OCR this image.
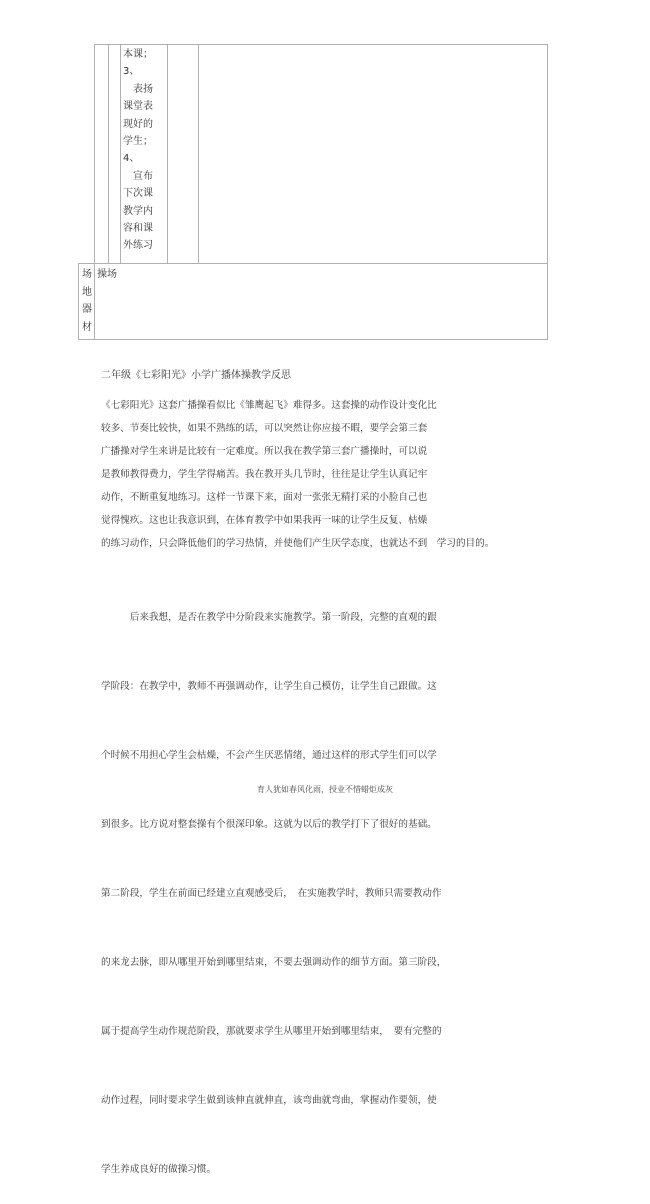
本课；
3、
　表扬
课堂表
现好的
学生；
4、
　宣布
下次课
教学内
容和课
外练习
场
地
器
材
操场
二年级《七彩阳光》小学广播体操教学反思
《七彩阳光》这套广播操看似比《雏鹰起飞》难得多。这套操的动作设计变化比
较多、节奏比较快，如果不熟练的话，可以突然让你应接不暇，要学会第三套
广播操对学生来讲是比较有一定难度。所以我在教学第三套广播操时，可以说
是教师教得费力，学生学得痛苦。我在教开头几节时，往往是让学生认真记牢
动作，不断重复地练习。这样一节课下来，面对一张张无精打采的小脸自己也
觉得愧疚。这也让我意识到，在体育教学中如果我再一味的让学生反复、枯燥
的练习动作，只会降低他们的学习热情，并使他们产生厌学态度，也就达不到　学习的目的。

　　　后来我想，是否在教学中分阶段来实施教学。第一阶段，完整的直观的跟

学阶段：在教学中，教师不再强调动作，让学生自己模仿，让学生自己跟做。这

个时候不用担心学生会枯燥，不会产生厌恶情绪，通过这样的形式学生们可以学

到很多。比方说对整套操有个很深印象。这就为以后的教学打下了很好的基础。

第二阶段，学生在前面已经建立直观感受后，　在实施教学时，教师只需要教动作

的来龙去脉，即从哪里开始到哪里结束，不要去强调动作的细节方面。第三阶段，

属于提高学生动作规范阶段，那就要求学生从哪里开始到哪里结束，　要有完整的

动作过程，同时要求学生做到该伸直就伸直，该弯曲就弯曲，掌握动作要领，使

学生养成良好的做操习惯。

育人犹如春风化雨，授业不惜蜡炬成灰
